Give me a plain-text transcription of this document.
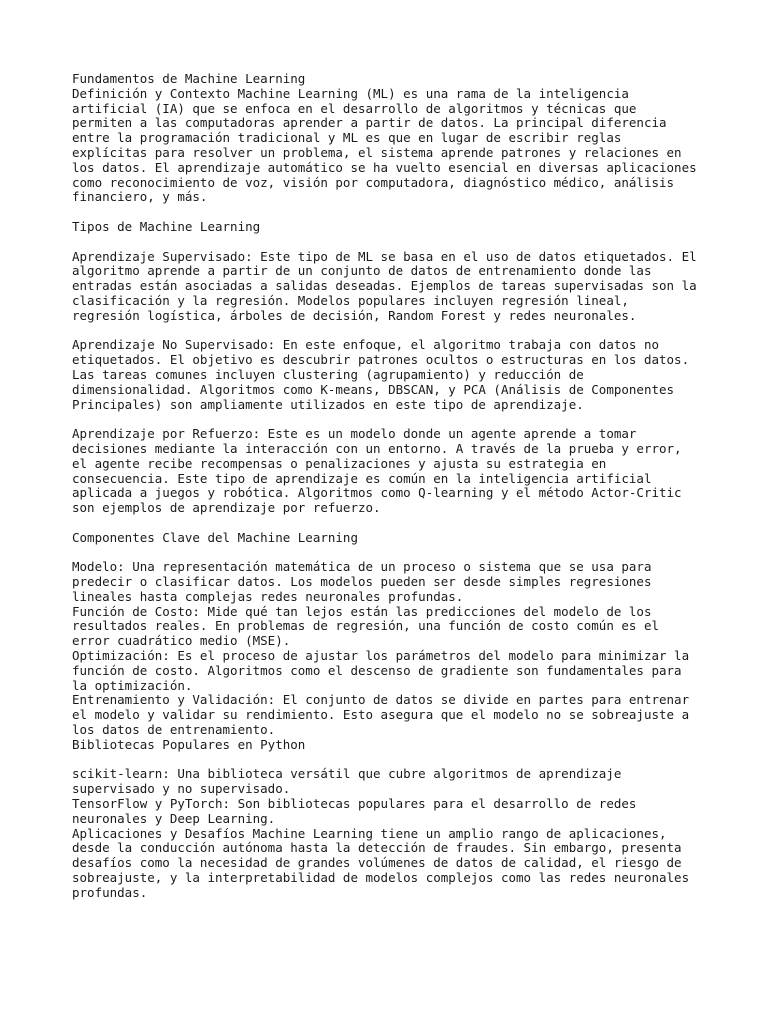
Fundamentos de Machine Learning
Definición y Contexto Machine Learning (ML) es una rama de la inteligencia
artificial (IA) que se enfoca en el desarrollo de algoritmos y técnicas que
permiten a las computadoras aprender a partir de datos. La principal diferencia
entre la programación tradicional y ML es que en lugar de escribir reglas
explícitas para resolver un problema, el sistema aprende patrones y relaciones en
los datos. El aprendizaje automático se ha vuelto esencial en diversas aplicaciones
como reconocimiento de voz, visión por computadora, diagnóstico médico, análisis
financiero, y más.
Tipos de Machine Learning
Aprendizaje Supervisado: Este tipo de ML se basa en el uso de datos etiquetados. El
algoritmo aprende a partir de un conjunto de datos de entrenamiento donde las
entradas están asociadas a salidas deseadas. Ejemplos de tareas supervisadas son la
clasificación y la regresión. Modelos populares incluyen regresión lineal,
regresión logística, árboles de decisión, Random Forest y redes neuronales.
Aprendizaje No Supervisado: En este enfoque, el algoritmo trabaja con datos no
etiquetados. El objetivo es descubrir patrones ocultos o estructuras en los datos.
Las tareas comunes incluyen clustering (agrupamiento) y reducción de
dimensionalidad. Algoritmos como K-means, DBSCAN, y PCA (Análisis de Componentes
Principales) son ampliamente utilizados en este tipo de aprendizaje.
Aprendizaje por Refuerzo: Este es un modelo donde un agente aprende a tomar
decisiones mediante la interacción con un entorno. A través de la prueba y error,
el agente recibe recompensas o penalizaciones y ajusta su estrategia en
consecuencia. Este tipo de aprendizaje es común en la inteligencia artificial
aplicada a juegos y robótica. Algoritmos como Q-learning y el método Actor-Critic
son ejemplos de aprendizaje por refuerzo.
Componentes Clave del Machine Learning
Modelo: Una representación matemática de un proceso o sistema que se usa para
predecir o clasificar datos. Los modelos pueden ser desde simples regresiones
lineales hasta complejas redes neuronales profundas.
Función de Costo: Mide qué tan lejos están las predicciones del modelo de los
resultados reales. En problemas de regresión, una función de costo común es el
error cuadrático medio (MSE).
Optimización: Es el proceso de ajustar los parámetros del modelo para minimizar la
función de costo. Algoritmos como el descenso de gradiente son fundamentales para
la optimización.
Entrenamiento y Validación: El conjunto de datos se divide en partes para entrenar
el modelo y validar su rendimiento. Esto asegura que el modelo no se sobreajuste a
los datos de entrenamiento.
Bibliotecas Populares en Python
scikit-learn: Una biblioteca versátil que cubre algoritmos de aprendizaje
supervisado y no supervisado.
TensorFlow y PyTorch: Son bibliotecas populares para el desarrollo de redes
neuronales y Deep Learning.
Aplicaciones y Desafíos Machine Learning tiene un amplio rango de aplicaciones,
desde la conducción autónoma hasta la detección de fraudes. Sin embargo, presenta
desafíos como la necesidad de grandes volúmenes de datos de calidad, el riesgo de
sobreajuste, y la interpretabilidad de modelos complejos como las redes neuronales
profundas.
